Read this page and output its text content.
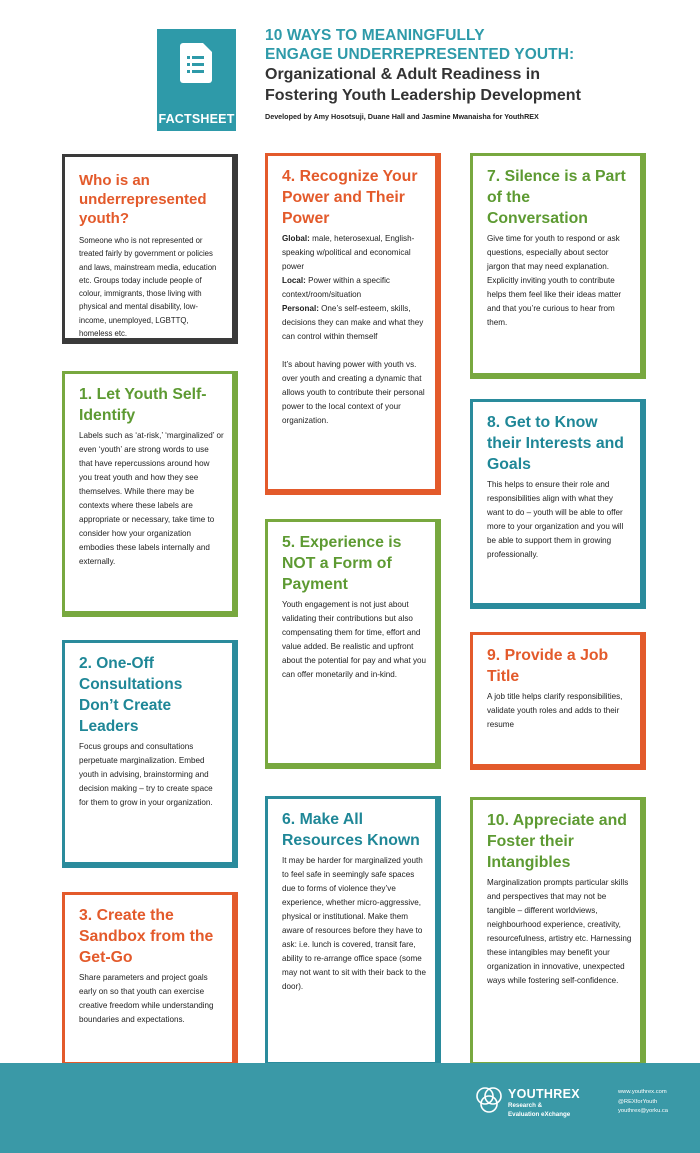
FACTSHEET
10 WAYS TO MEANINGFULLY
ENGAGE UNDERREPRESENTED YOUTH:
Organizational & Adult Readiness in
Fostering Youth Leadership Development
Developed by Amy Hosotsuji, Duane Hall and Jasmine Mwanaisha for YouthREX
Who is an underrepresented youth?

Someone who is not represented or treated fairly by government or policies and laws, mainstream media, education etc. Groups today include people of colour, immigrants, those living with physical and mental disability, low-income, unemployed, LGBTTQ, homeless etc.

1. Let Youth Self-Identify

Labels such as ‘at-risk,’ ‘marginalized’ or even ‘youth’ are strong words to use that have repercussions around how you treat youth and how they see themselves. While there may be contexts where these labels are appropriate or necessary, take time to consider how your organization embodies these labels internally and externally.

2. One-Off Consultations Don’t Create Leaders

Focus groups and consultations perpetuate marginalization. Embed youth in advising, brainstorming and decision making – try to create space for them to grow in your organization.

3. Create the Sandbox from the Get-Go

Share parameters and project goals early on so that youth can exercise creative freedom while understanding boundaries and expectations.

4. Recognize Your Power and Their Power

Global: male, heterosexual, English-speaking w/political and economical power

Local: Power within a specific context/room/situation

Personal: One’s self-esteem, skills, decisions they can make and what they can control within themself

It’s about having power with youth vs. over youth and creating a dynamic that allows youth to contribute their personal power to the local context of your organization.

5. Experience is NOT a Form of Payment

Youth engagement is not just about validating their contributions but also compensating them for time, effort and value added. Be realistic and upfront about the potential for pay and what you can offer monetarily and in-kind.

6. Make All Resources Known

It may be harder for marginalized youth to feel safe in seemingly safe spaces due to forms of violence they’ve experience, whether micro-aggressive, physical or institutional. Make them aware of resources before they have to ask: i.e. lunch is covered, transit fare, ability to re-arrange office space (some may not want to sit with their back to the door).

7. Silence is a Part of the Conversation

Give time for youth to respond or ask questions, especially about sector jargon that may need explanation. Explicitly inviting youth to contribute helps them feel like their ideas matter and that you’re curious to hear from them.

8. Get to Know their Interests and Goals

This helps to ensure their role and responsibilities align with what they want to do – youth will be able to offer more to your organization and you will be able to support them in growing professionally.

9. Provide a Job Title

A job title helps clarify responsibilities, validate youth roles and adds to their resume

10. Appreciate and Foster their Intangibles

Marginalization prompts particular skills and perspectives that may not be tangible – different worldviews, neighbourhood experience, creativity, resourcefulness, artistry etc. Harnessing these intangibles may benefit your organization in innovative, unexpected ways while fostering self-confidence.

YOUTHREX
Research &
Evaluation eXchange
www.youthrex.com
@REXforYouth
youthrex@yorku.ca
